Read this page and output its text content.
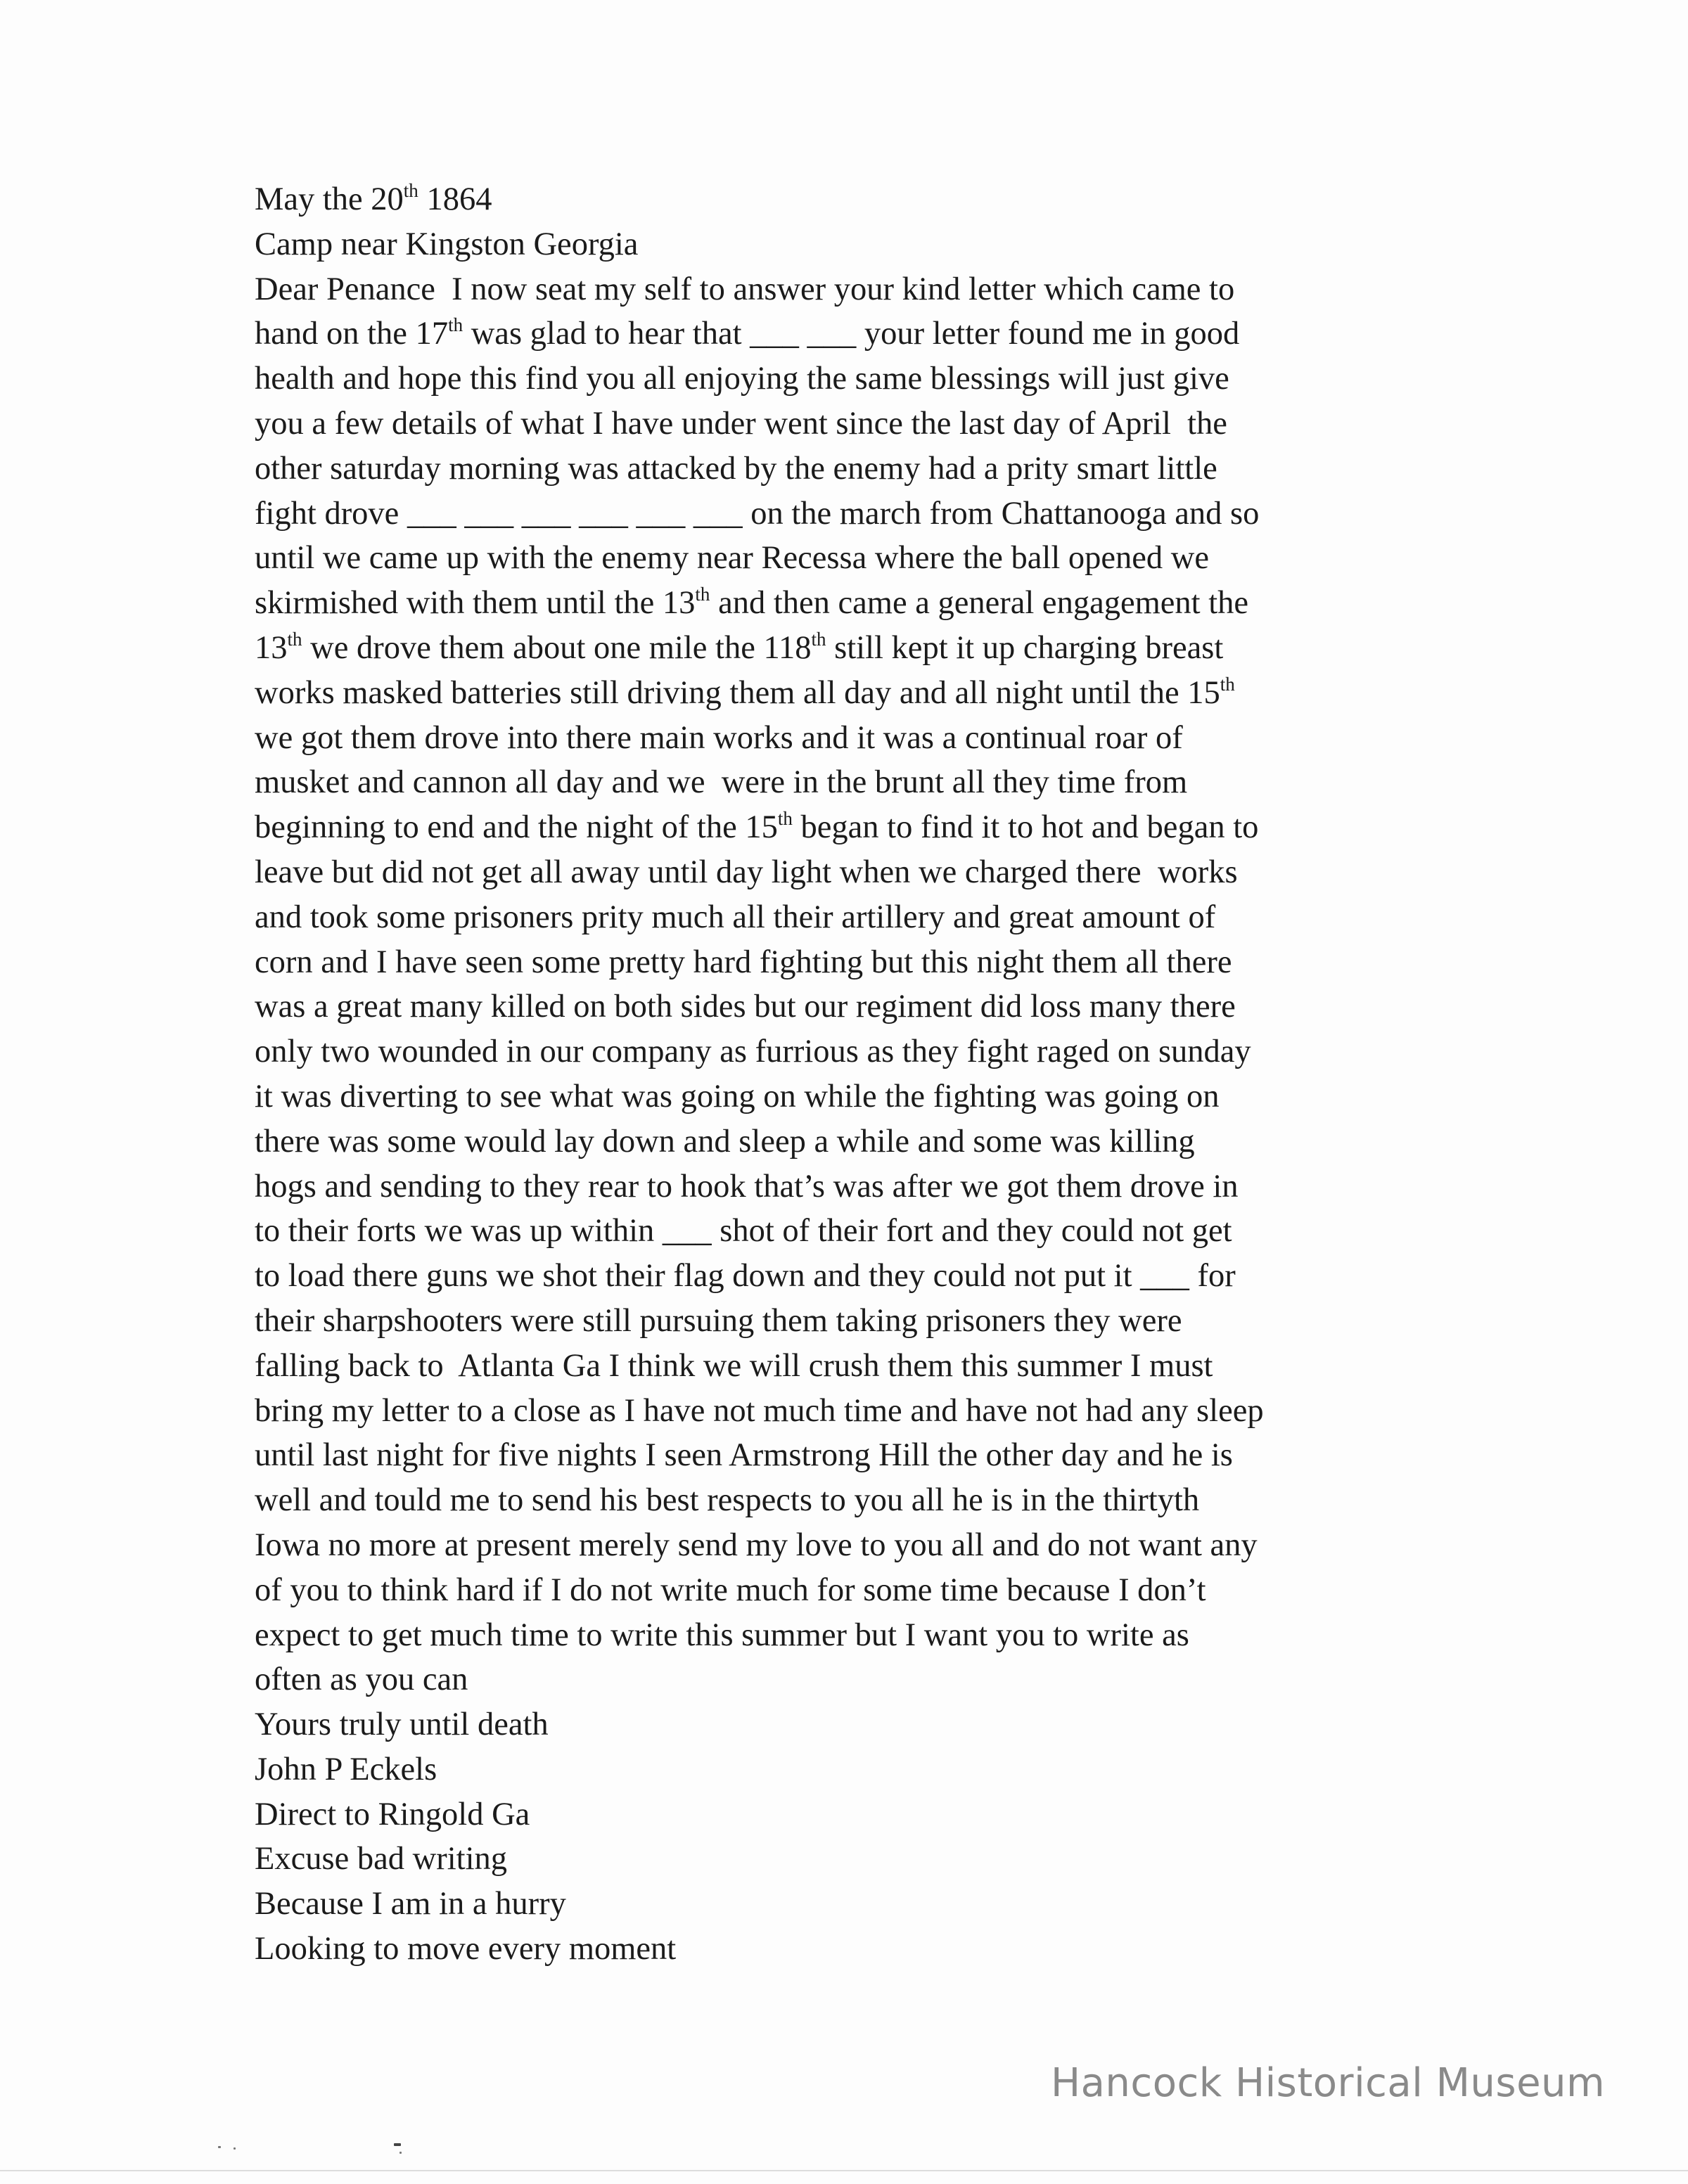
May the 20th 1864
Camp near Kingston Georgia
Dear Penance  I now seat my self to answer your kind letter which came to
hand on the 17th was glad to hear that ___ ___ your letter found me in good
health and hope this find you all enjoying the same blessings will just give
you a few details of what I have under went since the last day of April  the
other saturday morning was attacked by the enemy had a prity smart little
fight drove ___ ___ ___ ___ ___ ___ on the march from Chattanooga and so
until we came up with the enemy near Recessa where the ball opened we
skirmished with them until the 13th and then came a general engagement the
13th we drove them about one mile the 118th still kept it up charging breast
works masked batteries still driving them all day and all night until the 15th
we got them drove into there main works and it was a continual roar of
musket and cannon all day and we  were in the brunt all they time from
beginning to end and the night of the 15th began to find it to hot and began to
leave but did not get all away until day light when we charged there  works
and took some prisoners prity much all their artillery and great amount of
corn and I have seen some pretty hard fighting but this night them all there
was a great many killed on both sides but our regiment did loss many there
only two wounded in our company as furrious as they fight raged on sunday
it was diverting to see what was going on while the fighting was going on
there was some would lay down and sleep a while and some was killing
hogs and sending to they rear to hook that’s was after we got them drove in
to their forts we was up within ___ shot of their fort and they could not get
to load there guns we shot their flag down and they could not put it ___ for
their sharpshooters were still pursuing them taking prisoners they were
falling back to  Atlanta Ga I think we will crush them this summer I must
bring my letter to a close as I have not much time and have not had any sleep
until last night for five nights I seen Armstrong Hill the other day and he is
well and tould me to send his best respects to you all he is in the thirtyth
Iowa no more at present merely send my love to you all and do not want any
of you to think hard if I do not write much for some time because I don’t
expect to get much time to write this summer but I want you to write as
often as you can
Yours truly until death
John P Eckels
Direct to Ringold Ga
Excuse bad writing
Because I am in a hurry
Looking to move every moment
Hancock Historical Museum
